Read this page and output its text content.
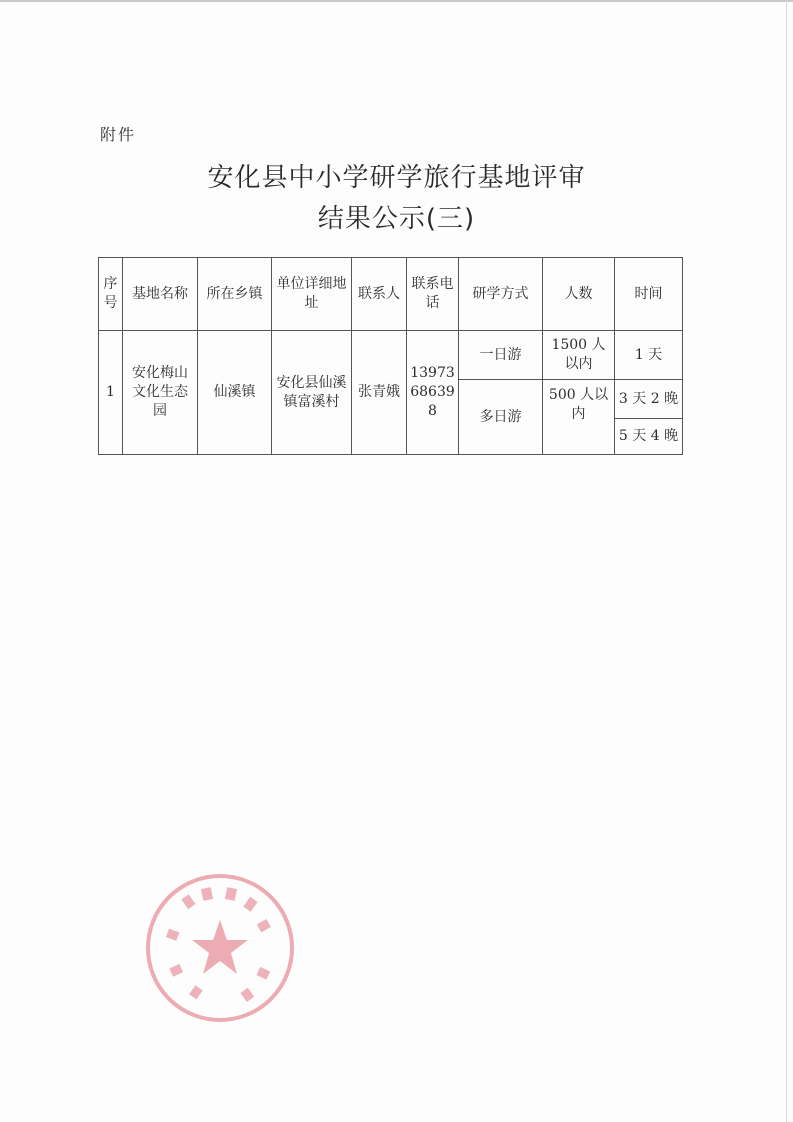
附件
安化县中小学研学旅行基地评审
结果公示(三)
序号	基地名称	所在乡镇	单位详细地址	联系人	联系电话	研学方式	人数	时间
1	安化梅山文化生态园	仙溪镇	安化县仙溪镇富溪村	张青娥	13973686398	一日游	1500 人以内	1 天
						多日游	500 人以内	3 天 2 晚
								5 天 4 晚
